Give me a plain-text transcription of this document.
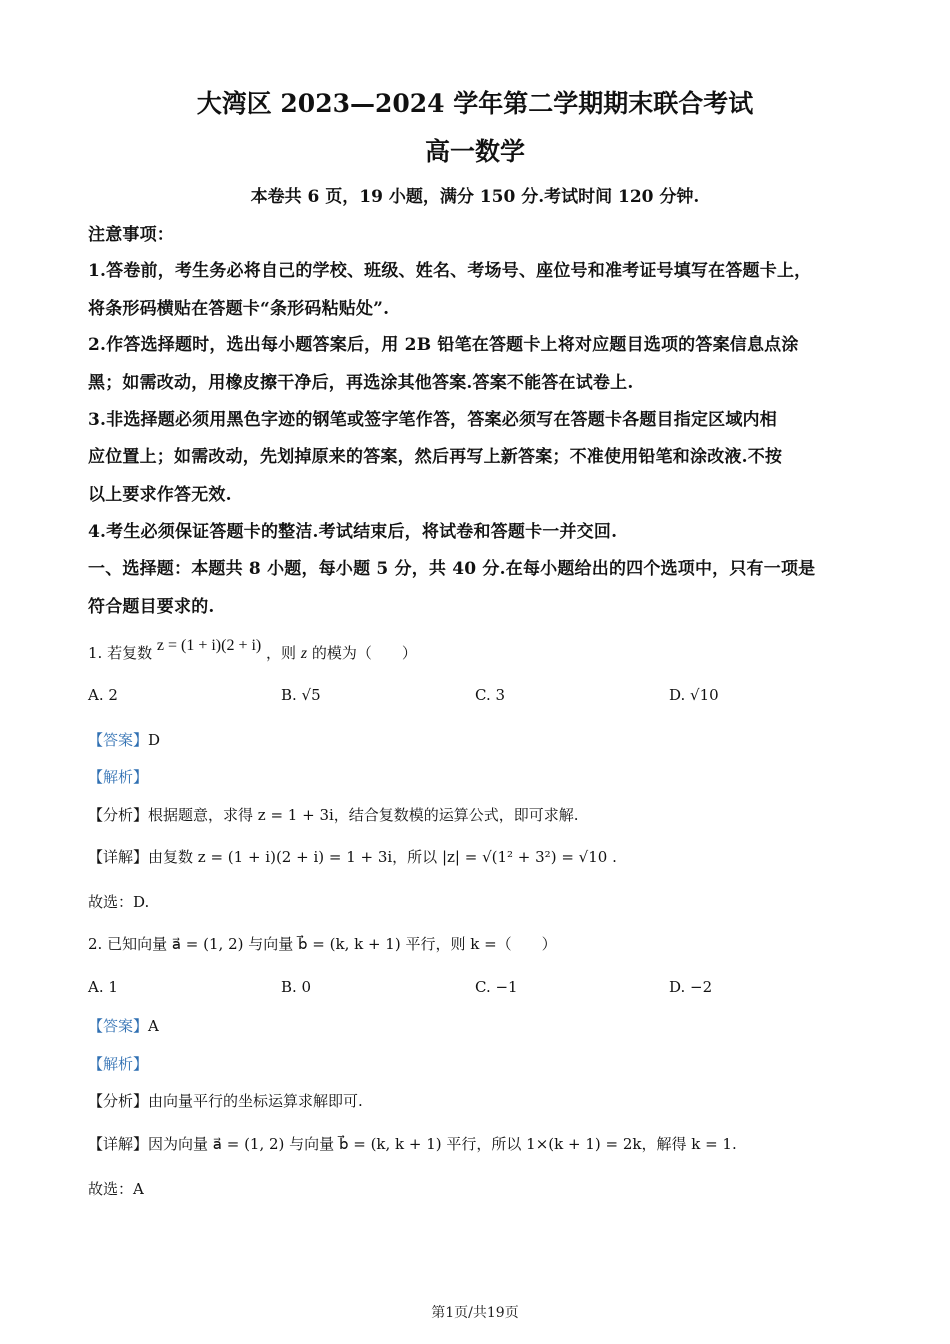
大湾区 2023—2024 学年第二学期期末联合考试
高一数学
本卷共 6 页，19 小题，满分 150 分.考试时间 120 分钟.
注意事项：
1.答卷前，考生务必将自己的学校、班级、姓名、考场号、座位号和准考证号填写在答题卡上，
将条形码横贴在答题卡“条形码粘贴处”.
2.作答选择题时，选出每小题答案后，用 2B 铅笔在答题卡上将对应题目选项的答案信息点涂
黑；如需改动，用橡皮擦干净后，再选涂其他答案.答案不能答在试卷上.
3.非选择题必须用黑色字迹的钢笔或签字笔作答，答案必须写在答题卡各题目指定区域内相
应位置上；如需改动，先划掉原来的答案，然后再写上新答案；不准使用铅笔和涂改液.不按
以上要求作答无效.
4.考生必须保证答题卡的整洁.考试结束后，将试卷和答题卡一并交回.
一、选择题：本题共 8 小题，每小题 5 分，共 40 分.在每小题给出的四个选项中，只有一项是
符合题目要求的.
1. 若复数 z = (1 + i)(2 + i) ，则 z 的模为（　　）
A. 2	B. √5	C. 3	D. √10
【答案】D
【解析】
【分析】根据题意，求得 z = 1 + 3i，结合复数模的运算公式，即可求解.
【详解】由复数 z = (1 + i)(2 + i) = 1 + 3i，所以 |z| = √(1² + 3²) = √10 .
故选：D.
2. 已知向量 a⃗ = (1, 2) 与向量 b⃗ = (k, k + 1) 平行，则 k =（　　）
A. 1	B. 0	C. −1	D. −2
【答案】A
【解析】
【分析】由向量平行的坐标运算求解即可.
【详解】因为向量 a⃗ = (1, 2) 与向量 b⃗ = (k, k + 1) 平行，所以 1×(k + 1) = 2k，解得 k = 1.
故选：A
第1页/共19页
